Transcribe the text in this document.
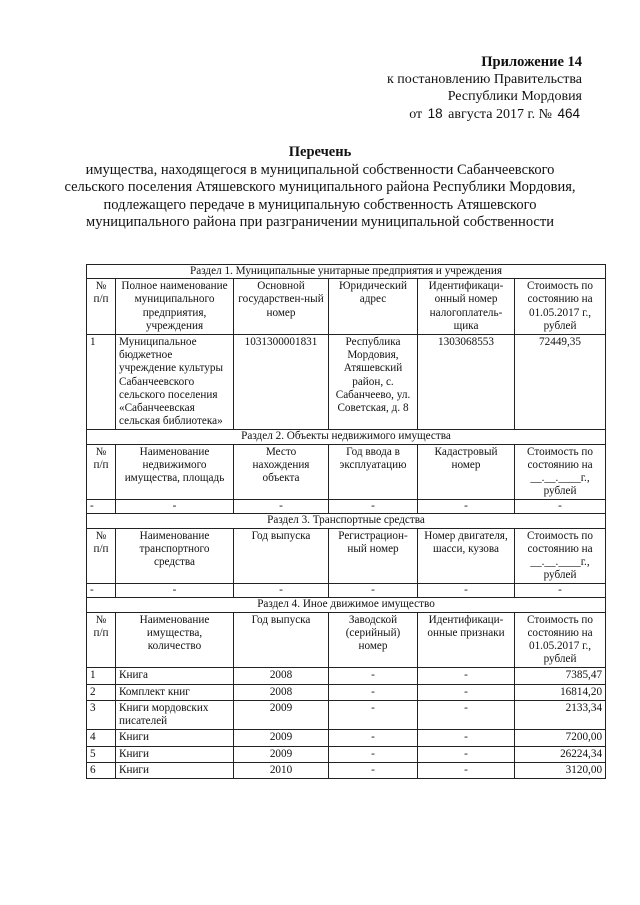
Приложение 14
к постановлению Правительства
Республики Мордовия
от 18 августа 2017 г. № 464
Перечень
имущества, находящегося в муниципальной собственности Сабанчеевского сельского поселения Атяшевского муниципального района Республики Мордовия, подлежащего передаче в муниципальную собственность Атяшевского муниципального района при разграничении муниципальной собственности
Раздел 1. Муниципальные унитарные предприятия и учреждения					
№ п/п	Полное наименование муниципального предприятия, учреждения	Основной государствен-ный номер	Юридический адрес	Идентификаци-онный номер налогоплатель-щика	Стоимость по состоянию на 01.05.2017 г., рублей
1	Муниципальное бюджетное учреждение культуры Сабанчеевского сельского поселения «Сабанчеевская сельская библиотека»	1031300001831	Республика Мордовия, Атяшевский район, с. Сабанчеево, ул. Советская, д. 8	1303068553	72449,35
Раздел 2. Объекты недвижимого имущества					
№ п/п	Наименование недвижимого имущества, площадь	Место нахождения объекта	Год ввода в эксплуатацию	Кадастровый номер	Стоимость по состоянию на __.__.____г., рублей
-	-	-	-	-	-
Раздел 3. Транспортные средства					
№ п/п	Наименование транспортного средства	Год выпуска	Регистрацион-ный номер	Номер двигателя, шасси, кузова	Стоимость по состоянию на __.__.____г., рублей
-	-	-	-	-	-
Раздел 4. Иное движимое имущество					
№ п/п	Наименование имущества, количество	Год выпуска	Заводской (серийный) номер	Идентификаци-онные признаки	Стоимость по состоянию на 01.05.2017 г., рублей
1	Книга	2008	-	-	7385,47
2	Комплект книг	2008	-	-	16814,20
3	Книги мордовских писателей	2009	-	-	2133,34
4	Книги	2009	-	-	7200,00
5	Книги	2009	-	-	26224,34
6	Книги	2010	-	-	3120,00
